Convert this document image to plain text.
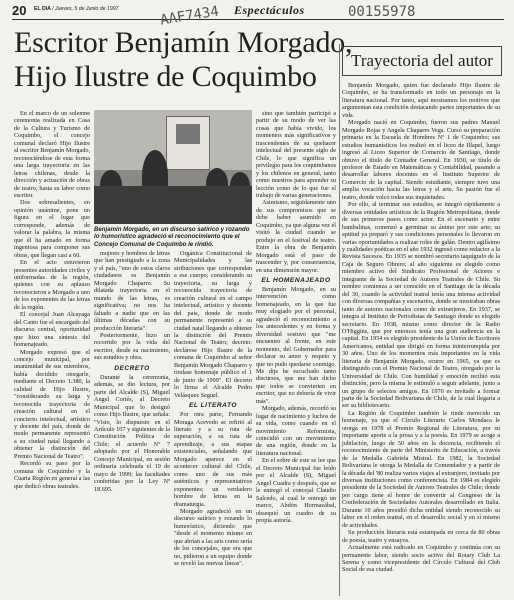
20 EL DIA / Jueves, 5 de Junio de 1997	Espectáculos
AAF7434	00155978
Escritor Benjamín Morgado, Hijo Ilustre de Coquimbo

Benjamín Morgado, en un discurso satírico y rozando lo humorístico agradeció el reconocimiento que el Concejo Comunal de Coquimbo le rindió.

En el marco de un solemne ceremonia realizada en Casa de la Cultura y Turismo de Coquimbo, el concejo comunal declaró Hijo Ilustre al escritor Benjamín Morgado, reconociéndose de esta forma una larga trayectoria en las letras chilenas, desde la dirección y actuación de obras de teatro, hasta su labor como escritor.

Dos sobresalientes, en opinión unánime, pone un figura en el lugar que corresponde, además de valorar la palabra, la misma que él ha amado en forma ingeniosa para componer sus obras, que llegan casi a 60.

En el acto estuvieron presentes autoridades civiles y uniformadas de la región, quienes con su aplauso reconocieron a Morgado a uno de los exponentes de las letras de la región.

El concejal Juan Alcayaga del Canto fue el encargado del discurso central, oportunidad que hizo una síntesis del homenajeado.

Morgado expresó que el concejo municipal, por unanimidad de sus miembros, había decidido otorgarle, mediante el Decreto 1.380, la calidad de Hijo Ilustre, "considerando su larga y reconocida trayectoria de creación cultural en el concierto intelectual, artístico y docente del país, donde de modo permanente representó a su ciudad natal llegando a obtener la distinción del Premio Nacional de Teatro".

Recordó su paso por la comuna de Coquimbo y la Cuarta Región en general a las que dedicó obras teatrales.

mujeres y hombres de letras que han prestigiado a la zona y el país, "uno de estos claros ciudadanos es Benjamín Morgado Chaparro. Su dilatada trayectoria en el mundo de las letras, es significativa; no nos ha faltado a nadie que en las últimas décadas con su producción literaria".

Posteriormente, hizo un recorrido por la vida del escritor, desde su nacimiento, sus estudios y obra.

DECRETO

Durante la ceremonia, además, se dio lectura, por parte del Alcalde (S), Miguel Angel Cortés, al Decreto Municipal que lo designó como Hijo Ilustre, que señala: "Visto, lo dispuesto en el Artículo 107 y siguientes de la Constitución Política de Chile; el acuerdo Nº 7 adoptado por el Honorable Concejo Municipal, en sesión ordinaria celebrada el 19 de mayo de 1999; las facultades conferidas por la Ley Nº 18.695.

Orgánica Constitucional de Municipalidades y las atribuciones que correspondan a ese cuerpo; considerando su trayectoria, su larga y reconocida trayectoria de creación cultural en el campo intelectual, artístico y docente del país, donde de modo permanente representó a su ciudad natal llegando a obtener la distinción del Premio Nacional de Teatro; decreto: declárese Hijo Ilustre de la comuna de Coquimbo al señor Benjamín Morgado Chaparro y rindase homenaje público el 1 de junio de 1999". El decreto lo firma el Alcalde Pedro Velásquez Seguel.

EL LITERATO

Por otra parte, Fernando Moraga Acevedo se refirió al literato y a su ruta de superación, a su ruta de aprendizaje, a sus etapas existenciales, señalando que Morgado aparece en el acontecer cultural del Chile, como uno de sus más auténticos y representativos exponentes; un verdadero hombre de letras en la dramaturgia.

Morgado agradeció en un discurso satírico y rozando lo humorístico, diciendo que "desde el momento mismo en que abrían a las seis como sería de los concejales, que era que no, pidieron a un equipo donde se reveló las nuevas líneas".

sino que también participó a partir de su modo de ver las cosas que había vivido, los momentos más significativos y trascendentes de su quehacer intelectual del presente siglo de Chile, lo que significa un privilegio para los coquimbanos y los chilenos en general, tanto como nuestros para aprender su lección como de lo que fue el trabajo de varias generaciones.

Asimismo, seguidamente uno de sus compromisos que se debe haber asumido en Coquimbo, ya que alguna vez él visitó la ciudad cuando se produjo en el festival de teatro. Entre la obra de Benjamín Morgado está el paso de trascender y, por consecuencia, en una dimensión mayor.

EL HOMENAJEADO

Benjamín Morgado, en su intervención como homenajeado, en la que fue muy elogiado por el personal, agradeció el reconocimiento a los antecedentes y en forma y diversidad sostuvo que "me encuentro al frente, en este momento, del Gobernador para declarar su amor y respeto y que no pudo quedarse conmigo. Me dije he escuchado tanto discursos, que me han dicho que todos se convierten en escritor, que no debería de vivir más".

Morgado, además, recordó su lugar de nacimiento y luchos de su vida, como cuando en el movimiento Reformista, coincidió con un movimiento de una región, donde en la literatura nacional.

En el sobre de este se lee que el Decreto Municipal fue leído por el Alcalde (S), Miguel Angel Cuadra y después, que se le entregó el concejal Claudio Salcedo, al cual le entregó un marco, Abdón Hormazábal, obsequió un cuadro de su propia autoría.

Trayectoria del autor

Benjamín Morgado, quien fue declarado Hijo Ilustre de Coquimbo, se ha transformado en todo un personaje en la literatura nacional. Por tanto, aquí mostramos los motivos que argumentan esta condición destacando partes importantes de su vida.

Morgado nació en Coquimbo, fueron sus padres Manuel Morgado Rojas y Angela Chaparro Vega. Cursó su preparación primaria en la Escuela de Hombres Nº 1 de Coquimbo; sus estudios humanísticos los realizó en el liceo de Illapel, luego ingresó al Liceo Superior de Comercio de Santiago, donde obtuvo el título de Contador General. En 1930, se título de profesor de Estado en Matemáticas y Contabilidad, pasando a desarrollar labores docentes en el Instituto Superior de Comercio de la capital. Siendo estudiante, siempre tuvo una amplia vocación hacia las letras y el arte. Su pasión fue el teatro, donde volcó todas sus inquietudes.

Por ello, al terminar sus estudios, se integró rápidamente a diversas entidades artísticas de la Región Metropolitana, donde de sus primeros pasos como actor. En el escenario y entre bambalinas, comenzó a germinar su ánimo por este arte; su aptitud ya preparó y sus condiciones personales lo llevaron en varias oportunidades a realizar roles de galán. Dentro agilísimo y cualidades poéticas en el año 1932 ingresó como redactor a la Revista Sucesos. En 1935 se nombró secretario taquígrafo de la Caja de Seguro Obrero; al año siguiente es elegido como miembro activo del Sindicato Profesional de Actores e integrante de la Sociedad de Autores Teatrales de Chile. Su nombre comienza a ser conocido en el Santiago de la década del 30, cuando la actividad teatral tenía una intensa actividad con diversas compañías y escenarios, donde se mostraban obras tanto de autores nacionales como de extranjeros. En 1937, se integra al Instituto de Periodistas de Santiago donde es elegido secretario. En 1938, mismo como director de la Radio O'Higgins, que por entonces tenía una gran audiencia en la capital. En 1954 es elegido presidente de la Unión de Escritores Americanos, entidad que dirigió en forma ininterrumpida por 30 años. Uno de los momentos más importantes en la vida literaria de Benjamín Morgado, ocurre en 1965, ya que es distinguido con el Premio Nacional de Teatro, otorgado por la Universidad de Chile. Con humildad y emoción recibió esta distinción, pero la misma le estimuló a seguir adelante, junto a un grupo de selectos amigos. En 1970 es invitado a formar parte de la Sociedad Bolivariana de Chile, de la cual llegaría a ser su bibliotecario.

La Región de Coquimbo también le rinde merecido un homenaje, ya que el Círculo Literario Carlos Mondaca le otorga en 1978 el Premio Regional de Literatura, por su importante aporte a la prosa y a la poesía. En 1979 se acoge a jubilación, luego de 50 años en la docencia, recibiendo el reconocimiento de parte del Ministerio de Educación, a través de la Medalla Gabriela Mistral. En 1982, la Sociedad Bolivariana le otorga la Medalla de Comendador y a partir de la década del '80 realiza varios viajes al extranjero, invitado por diversas instituciones como conferencista. En 1984 es elegido presidente de la Sociedad de Autores Teatrales de Chile; donde por cargo tiene el honor de convertir al Congreso de la Confederación de Sociedades Autorales desarrollado en Italia. Durante 10 años presidió dicha entidad siendo reconocido su labor en el orden teatral, en el desarrollo social y en sí mismo de actividades.

Su producción literaria está estampada en cerca de 80 obras de poesía, teatro y ensayos.

Actualmente está radicado en Coquimbo y continúa con su permanente labor, siendo socio activo del Rotary Club La Serena y como vicepresidente del Círculo Cultural del Club Social de esa ciudad.
